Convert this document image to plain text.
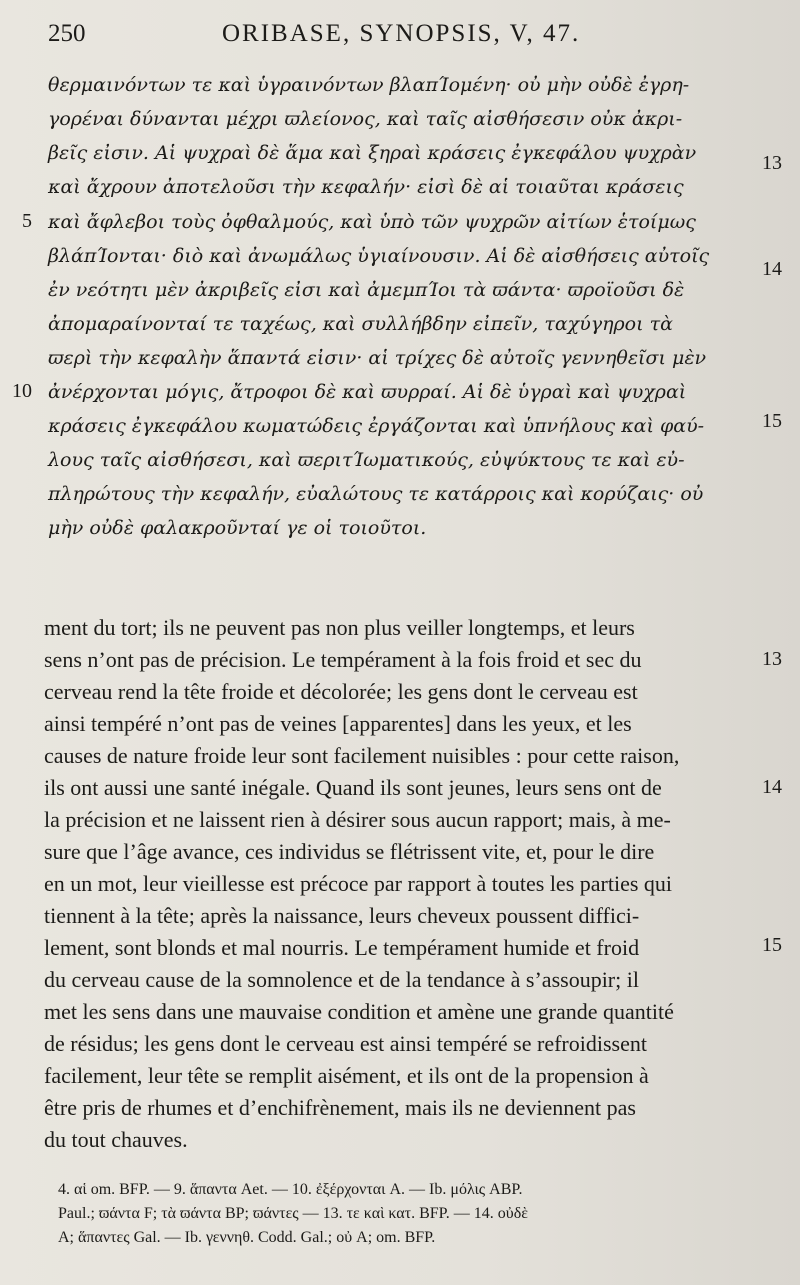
250	ORIBASE, SYNOPSIS, V, 47.
θερμαινόντων τε καὶ ὑγραινόντων βλαπΊομένη· οὐ μὴν οὐδὲ ἐγρη-
γορέναι δύνανται μέχρι ϖλείονος, καὶ ταῖς αἰσθήσεσιν οὐκ ἀκρι-
βεῖς εἰσιν. Αἱ ψυχραὶ δὲ ἅμα καὶ ξηραὶ κράσεις ἐγκεφάλου ψυχρὰν
καὶ ἄχρουν ἀποτελοῦσι τὴν κεφαλήν· εἰσὶ δὲ αἱ τοιαῦται κράσεις
καὶ ἄφλεβοι τοὺς ὀφθαλμούς, καὶ ὑπὸ τῶν ψυχρῶν αἰτίων ἑτοίμως
βλάπΊονται· διὸ καὶ ἀνωμάλως ὑγιαίνουσιν. Αἱ δὲ αἰσθήσεις αὐτοῖς
ἐν νεότητι μὲν ἀκριβεῖς εἰσι καὶ ἀμεμπΊοι τὰ ϖάντα· ϖροϊοῦσι δὲ
ἀπομαραίνονταί τε ταχέως, καὶ συλλήβδην εἰπεῖν, ταχύγηροι τὰ
ϖερὶ τὴν κεφαλὴν ἅπαντά εἰσιν· αἱ τρίχες δὲ αὐτοῖς γεννηθεῖσι μὲν
ἀνέρχονται μόγις, ἄτροφοι δὲ καὶ ϖυρραί. Αἱ δὲ ὑγραὶ καὶ ψυχραὶ
κράσεις ἐγκεφάλου κωματώδεις ἐργάζονται καὶ ὑπνήλους καὶ φαύ-
λους ταῖς αἰσθήσεσι, καὶ ϖεριτΊωματικούς, εὐψύκτους τε καὶ εὐ-
πληρώτους τὴν κεφαλήν, εὐαλώτους τε κατάρροις καὶ κορύζαις· οὐ
μὴν οὐδὲ φαλακροῦνταί γε οἱ τοιοῦτοι.
5
10
13
14
15
ment du tort; ils ne peuvent pas non plus veiller longtemps, et leurs
sens n’ont pas de précision. Le tempérament à la fois froid et sec du
cerveau rend la tête froide et décolorée; les gens dont le cerveau est
ainsi tempéré n’ont pas de veines [apparentes] dans les yeux, et les
causes de nature froide leur sont facilement nuisibles : pour cette raison,
ils ont aussi une santé inégale. Quand ils sont jeunes, leurs sens ont de
la précision et ne laissent rien à désirer sous aucun rapport; mais, à me-
sure que l’âge avance, ces individus se flétrissent vite, et, pour le dire
en un mot, leur vieillesse est précoce par rapport à toutes les parties qui
tiennent à la tête; après la naissance, leurs cheveux poussent diffici-
lement, sont blonds et mal nourris. Le tempérament humide et froid
du cerveau cause de la somnolence et de la tendance à s’assoupir; il
met les sens dans une mauvaise condition et amène une grande quantité
de résidus; les gens dont le cerveau est ainsi tempéré se refroidissent
facilement, leur tête se remplit aisément, et ils ont de la propension à
être pris de rhumes et d’enchifrènement, mais ils ne deviennent pas
du tout chauves.
13
14
15
4. αἱ om. BFP. — 9. ἅπαντα Aet. — 10. ἐξέρχονται A. — Ib. μόλις ABP.
Paul.; ϖάντα F; τὰ ϖάντα BP; ϖάντες — 13. τε καὶ κατ. BFP. — 14. οὐδὲ
A; ἅπαντες Gal. — Ib. γεννηθ. Codd. Gal.; οὐ A; om. BFP.
